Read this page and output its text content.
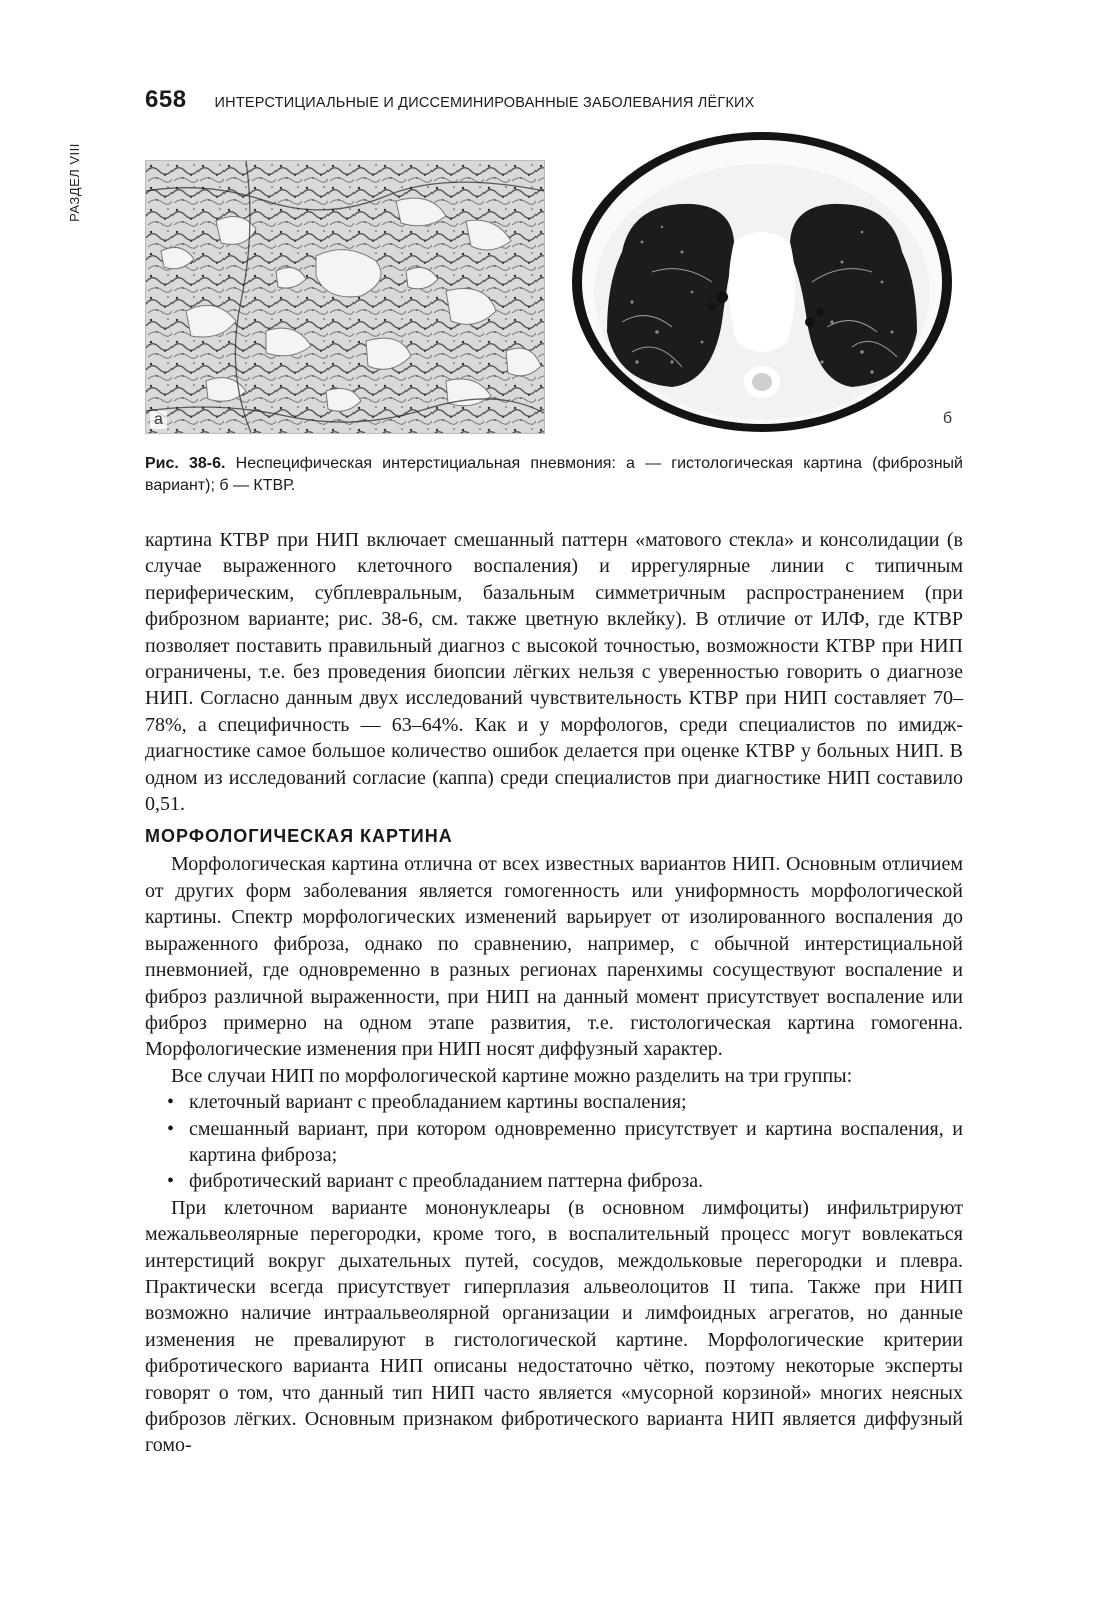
РАЗДЕЛ VIII
658 ИНТЕРСТИЦИАЛЬНЫЕ И ДИССЕМИНИРОВАННЫЕ ЗАБОЛЕВАНИЯ ЛЁГКИХ
а	б
Рис. 38-6. Неспецифическая интерстициальная пневмония: а — гистологическая картина (фиброзный вариант); б — КТВР.

картина КТВР при НИП включает смешанный паттерн «матового стекла» и консолидации (в случае выраженного клеточного воспаления) и иррегулярные линии с типичным периферическим, субплевральным, базальным симметричным распространением (при фиброзном варианте; рис. 38-6, см. также цветную вклейку). В отличие от ИЛФ, где КТВР позволяет поставить правильный диагноз с высокой точностью, возможности КТВР при НИП ограничены, т.е. без проведения биопсии лёгких нельзя с уверенностью говорить о диагнозе НИП. Согласно данным двух исследований чувствительность КТВР при НИП составляет 70–78%, а специфичность — 63–64%. Как и у морфологов, среди специалистов по имидж-диагностике самое большое количество ошибок делается при оценке КТВР у больных НИП. В одном из исследований согласие (каппа) среди специалистов при диагностике НИП составило 0,51.

МОРФОЛОГИЧЕСКАЯ КАРТИНА

Морфологическая картина отлична от всех известных вариантов НИП. Основным отличием от других форм заболевания является гомогенность или униформность морфологической картины. Спектр морфологических изменений варьирует от изолированного воспаления до выраженного фиброза, однако по сравнению, например, с обычной интерстициальной пневмонией, где одновременно в разных регионах паренхимы сосуществуют воспаление и фиброз различной выраженности, при НИП на данный момент присутствует воспаление или фиброз примерно на одном этапе развития, т.е. гистологическая картина гомогенна. Морфологические изменения при НИП носят диффузный характер.

Все случаи НИП по морфологической картине можно разделить на три группы:

• клеточный вариант с преобладанием картины воспаления;
• смешанный вариант, при котором одновременно присутствует и картина воспаления, и картина фиброза;
• фибротический вариант с преобладанием паттерна фиброза.

При клеточном варианте мононуклеары (в основном лимфоциты) инфильтрируют межальвеолярные перегородки, кроме того, в воспалительный процесс могут вовлекаться интерстиций вокруг дыхательных путей, сосудов, междольковые перегородки и плевра. Практически всегда присутствует гиперплазия альвеолоцитов II типа. Также при НИП возможно наличие интраальвеолярной организации и лимфоидных агрегатов, но данные изменения не превалируют в гистологической картине. Морфологические критерии фибротического варианта НИП описаны недостаточно чётко, поэтому некоторые эксперты говорят о том, что данный тип НИП часто является «мусорной корзиной» многих неясных фиброзов лёгких. Основным признаком фибротического варианта НИП является диффузный гомо-
